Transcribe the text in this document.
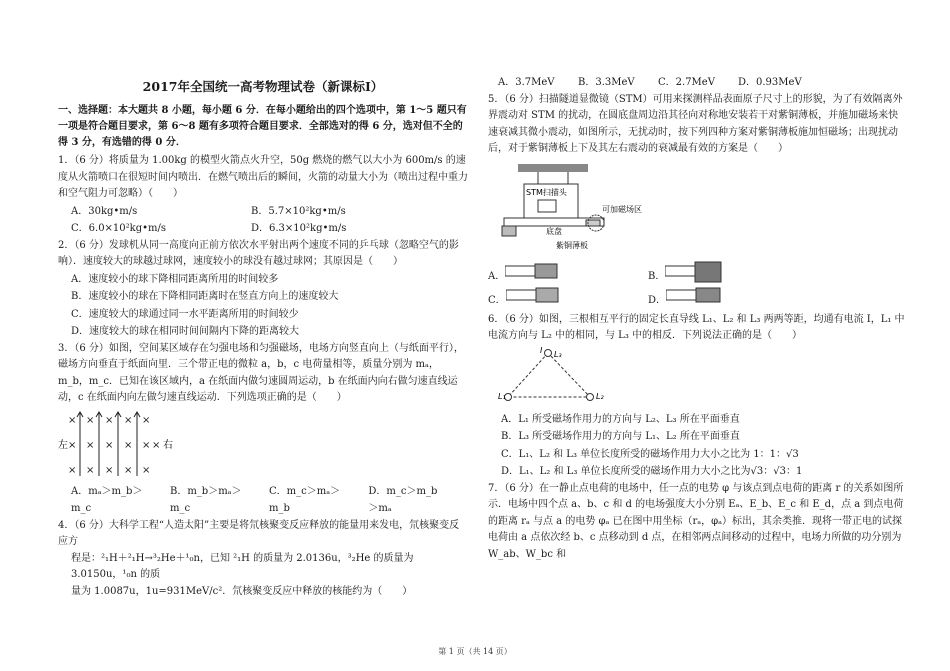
2017年全国统一高考物理试卷（新课标Ⅰ）
一、选择题：本大题共 8 小题，每小题 6 分．在每小题给出的四个选项中，第 1～5 题只有一项是符合题目要求，第 6～8 题有多项符合题目要求．全部选对的得 6 分，选对但不全的得 3 分，有选错的得 0 分．
1．（6 分）将质量为 1.00kg 的模型火箭点火升空，50g 燃烧的燃气以大小为 600m/s 的速度从火箭喷口在很短时间内喷出．在燃气喷出后的瞬间，火箭的动量大小为（喷出过程中重力和空气阻力可忽略）（　　）
A．30kg•m/s	B．5.7×10²kg•m/s
C．6.0×10²kg•m/s	D．6.3×10²kg•m/s
2．（6 分）发球机从同一高度向正前方依次水平射出两个速度不同的乒乓球（忽略空气的影响）．速度较大的球越过球网，速度较小的球没有越过球网；其原因是（　　）
A．速度较小的球下降相同距离所用的时间较多
B．速度较小的球在下降相同距离时在竖直方向上的速度较大
C．速度较大的球通过同一水平距离所用的时间较少
D．速度较大的球在相同时间间隔内下降的距离较大
3．（6 分）如图，空间某区域存在匀强电场和匀强磁场，电场方向竖直向上（与纸面平行），磁场方向垂直于纸面向里．三个带正电的微粒 a，b，c 电荷量相等，质量分别为 mₐ，m_b，m_c．已知在该区域内，a 在纸面内做匀速圆周运动，b 在纸面内向右做匀速直线运动，c 在纸面内向左做匀速直线运动．下列选项正确的是（　　）
左	右
× × × × ×
× × × × × ×
× × × × ×
A．mₐ＞m_b＞m_c
B．m_b＞mₐ＞m_c
C．m_c＞mₐ＞m_b
D．m_c＞m_b＞mₐ
4．（6 分）大科学工程“人造太阳”主要是将氘核聚变反应释放的能量用来发电，氘核聚变反应方
程是：²₁H＋²₁H→³₂He＋¹₀n，已知 ²₁H 的质量为 2.0136u，³₂He 的质量为 3.0150u，¹₀n 的质
量为 1.0087u，1u=931MeV/c²．氘核聚变反应中释放的核能约为（　　）
A．3.7MeV	B．3.3MeV	C．2.7MeV	D．0.93MeV
5．（6 分）扫描隧道显微镜（STM）可用来探测样品表面原子尺寸上的形貌，为了有效隔离外界震动对 STM 的扰动，在圆底盘周边沿其径向对称地安装若干对紫铜薄板，并施加磁场来快速衰减其微小震动，如图所示，无扰动时，按下列四种方案对紫铜薄板施加恒磁场；出现扰动后，对于紫铜薄板上下及其左右震动的衰减最有效的方案是（　　）
STM扫描头
底盘
可加磁场区
紫铜薄板
A．	B．
C．	D．
6．（6 分）如图，三根相互平行的固定长直导线 L₁、L₂ 和 L₃ 两两等距，均通有电流 I，L₁ 中电流方向与 L₂ 中的相同，与 L₃ 中的相反．下列说法正确的是（　　）
L₃
L₁	L₂
I
A．L₁ 所受磁场作用力的方向与 L₂、L₃ 所在平面垂直
B．L₃ 所受磁场作用力的方向与 L₁、L₂ 所在平面垂直
C．L₁、L₂ 和 L₃ 单位长度所受的磁场作用力大小之比为 1：1：√3
D．L₁、L₂ 和 L₃ 单位长度所受的磁场作用力大小之比为√3：√3：1
7．（6 分）在一静止点电荷的电场中，任一点的电势 φ 与该点到点电荷的距离 r 的关系如图所示．电场中四个点 a、b、c 和 d 的电场强度大小分别 Eₐ、E_b、E_c 和 E_d，点 a 到点电荷的距离 rₐ 与点 a 的电势 φₐ 已在图中用坐标（rₐ，φₐ）标出，其余类推．现将一带正电的试探电荷由 a 点依次经 b、c 点移动到 d 点，在相邻两点间移动的过程中，电场力所做的功分别为 W_ab、W_bc 和
第 1 页（共 14 页）
